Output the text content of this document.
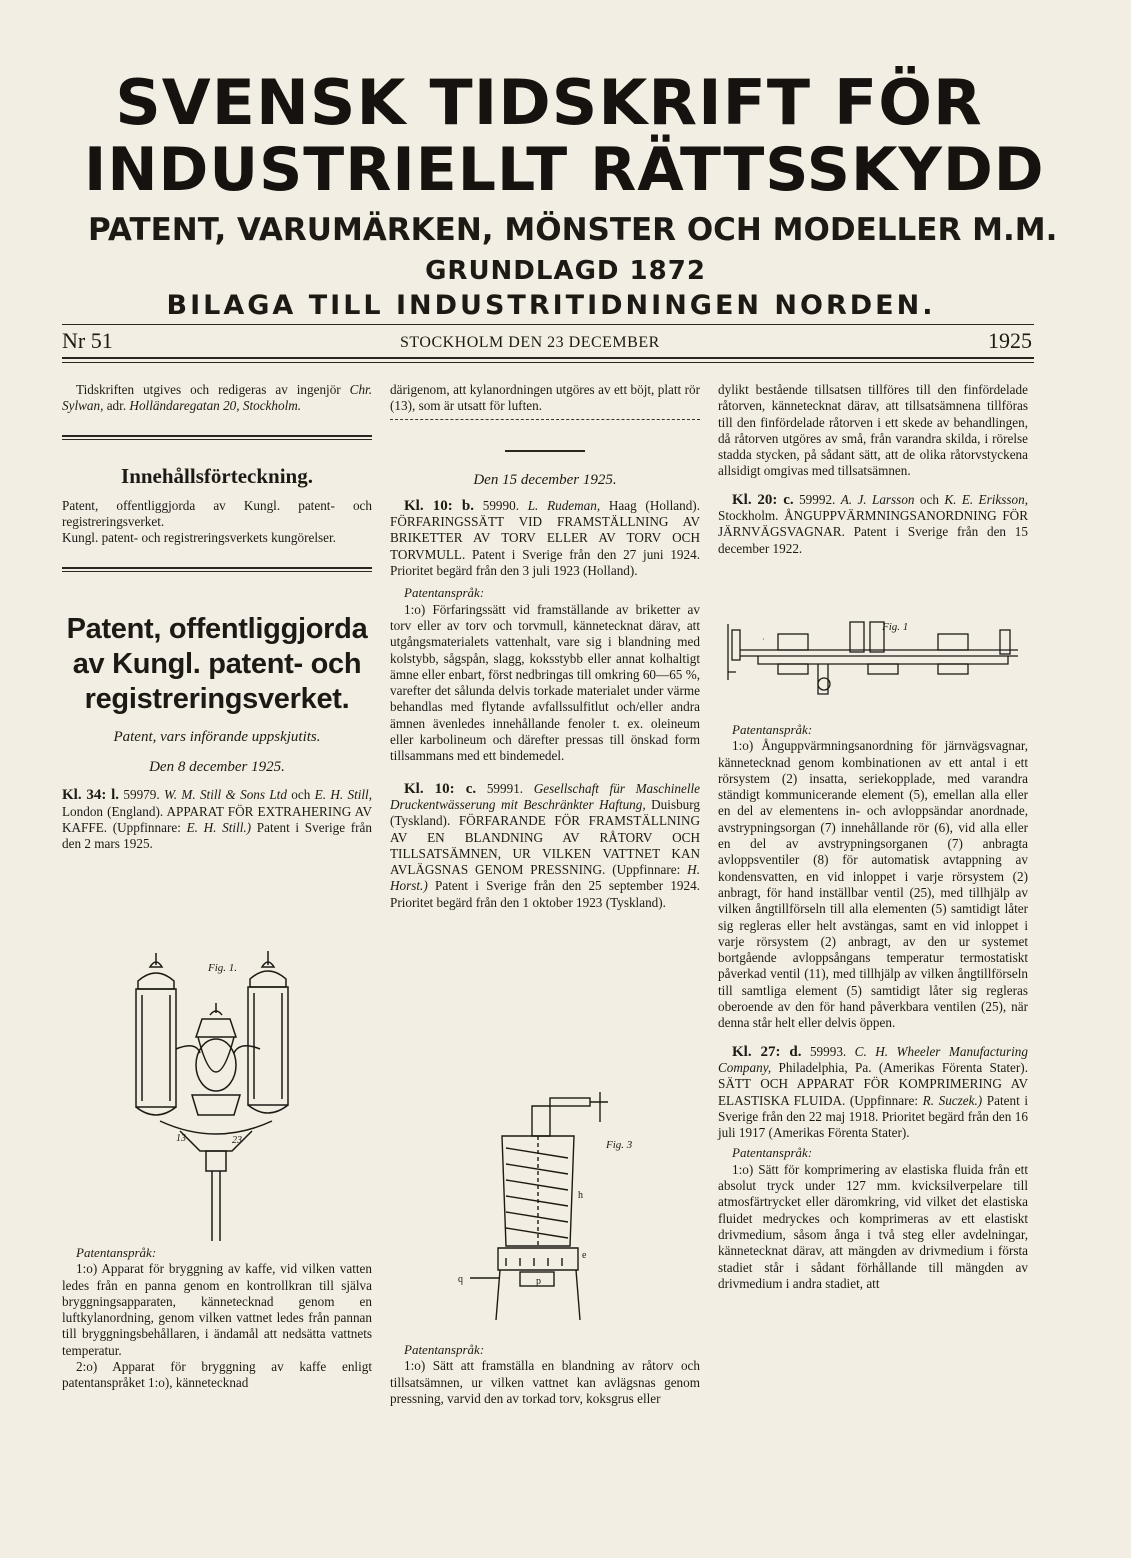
SVENSK TIDSKRIFT FÖR
INDUSTRIELLT RÄTTSSKYDD
PATENT, VARUMÄRKEN, MÖNSTER OCH MODELLER M.M.
GRUNDLAGD 1872
BILAGA TILL INDUSTRITIDNINGEN NORDEN.
Nr 51	STOCKHOLM DEN 23 DECEMBER	1925

Tidskriften utgives och redigeras av ingenjör Chr. Sylwan, adr. Holländaregatan 20, Stockholm.

Innehållsförteckning.

Patent, offentliggjorda av Kungl. patent- och registreringsverket.

Kungl. patent- och registreringsverkets kungörelser.

Patent, offentliggjorda av Kungl. patent- och registreringsverket.

Patent, vars införande uppskjutits.

Den 8 december 1925.

Kl. 34: l. 59979. W. M. Still & Sons Ltd och E. H. Still, London (England). APPARAT FÖR EXTRAHERING AV KAFFE. (Uppfinnare: E. H. Still.) Patent i Sverige från den 2 mars 1925.

Fig. 1.
13	23

Patentanspråk:

1:o) Apparat för bryggning av kaffe, vid vilken vatten ledes från en panna genom en kontrollkran till själva bryggningsapparaten, kännetecknad genom en luftkylanordning, genom vilken vattnet ledes från pannan till bryggningsbehållaren, i ändamål att nedsätta vattnets temperatur.

2:o) Apparat för bryggning av kaffe enligt patentanspråket 1:o), kännetecknad

därigenom, att kylanordningen utgöres av ett böjt, platt rör (13), som är utsatt för luften.

Den 15 december 1925.

Kl. 10: b. 59990. L. Rudeman, Haag (Holland). FÖRFARINGSSÄTT VID FRAMSTÄLLNING AV BRIKETTER AV TORV ELLER AV TORV OCH TORVMULL. Patent i Sverige från den 27 juni 1924. Prioritet begärd från den 3 juli 1923 (Holland).

Patentanspråk:

1:o) Förfaringssätt vid framställande av briketter av torv eller av torv och torvmull, kännetecknat därav, att utgångsmaterialets vattenhalt, vare sig i blandning med kolstybb, sågspån, slagg, koksstybb eller annat kolhaltigt ämne eller enbart, först nedbringas till omkring 60—65 %, varefter det sålunda delvis torkade materialet under värme behandlas med flytande avfallssulfitlut och/eller andra ämnen ävenledes innehållande fenoler t. ex. oleineum eller karbolineum och därefter pressas till önskad form tillsammans med ett bindemedel.

Kl. 10: c. 59991. Gesellschaft für Maschinelle Druckentwässerung mit Beschränkter Haftung, Duisburg (Tyskland). FÖRFARANDE FÖR FRAMSTÄLLNING AV EN BLANDNING AV RÅTORV OCH TILLSATSÄMNEN, UR VILKEN VATTNET KAN AVLÄGSNAS GENOM PRESSNING. (Uppfinnare: H. Horst.) Patent i Sverige från den 25 september 1924. Prioritet begärd från den 1 oktober 1923 (Tyskland).

Fig. 3
h
p
q
e

Patentanspråk:

1:o) Sätt att framställa en blandning av råtorv och tillsatsämnen, ur vilken vattnet kan avlägsnas genom pressning, varvid den av torkad torv, koksgrus eller

dylikt bestående tillsatsen tillföres till den finfördelade råtorven, kännetecknat därav, att tillsatsämnena tillföras till den finfördelade råtorven i ett skede av behandlingen, då råtorven utgöres av små, från varandra skilda, i rörelse stadda stycken, på sådant sätt, att de olika råtorvstyckena allsidigt omgivas med tillsatsämnen.

Kl. 20: c. 59992. A. J. Larsson och K. E. Eriksson, Stockholm. ÅNGUPPVÄRMNINGSANORDNING FÖR JÄRNVÄGSVAGNAR. Patent i Sverige från den 15 december 1922.

Fig. 1
·

Patentanspråk:

1:o) Ånguppvärmningsanordning för järnvägsvagnar, kännetecknad genom kombinationen av ett antal i ett rörsystem (2) insatta, seriekopplade, med varandra ständigt kommunicerande element (5), emellan alla eller en del av elementens in- och avloppsändar anordnade, avstrypningsorgan (7) innehållande rör (6), vid alla eller en del av avstrypningsorganen (7) anbragta avloppsventiler (8) för automatisk avtappning av kondensvatten, en vid inloppet i varje rörsystem (2) anbragt, för hand inställbar ventil (25), med tillhjälp av vilken ångtillförseln till alla elementen (5) samtidigt låter sig regleras eller helt avstängas, samt en vid inloppet i varje rörsystem (2) anbragt, av den ur systemet bortgående avloppsångans temperatur termostatiskt påverkad ventil (11), med tillhjälp av vilken ångtillförseln till samtliga element (5) samtidigt låter sig regleras oberoende av den för hand påverkbara ventilen (25), när denna står helt eller delvis öppen.

Kl. 27: d. 59993. C. H. Wheeler Manufacturing Company, Philadelphia, Pa. (Amerikas Förenta Stater). SÄTT OCH APPARAT FÖR KOMPRIMERING AV ELASTISKA FLUIDA. (Uppfinnare: R. Suczek.) Patent i Sverige från den 22 maj 1918. Prioritet begärd från den 16 juli 1917 (Amerikas Förenta Stater).

Patentanspråk:

1:o) Sätt för komprimering av elastiska fluida från ett absolut tryck under 127 mm. kvicksilverpelare till atmosfärtrycket eller däromkring, vid vilket det elastiska fluidet medryckes och komprimeras av ett elastiskt drivmedium, såsom ånga i två steg eller avdelningar, kännetecknat därav, att mängden av drivmedium i första stadiet står i sådant förhållande till mängden av drivmedium i andra stadiet, att
